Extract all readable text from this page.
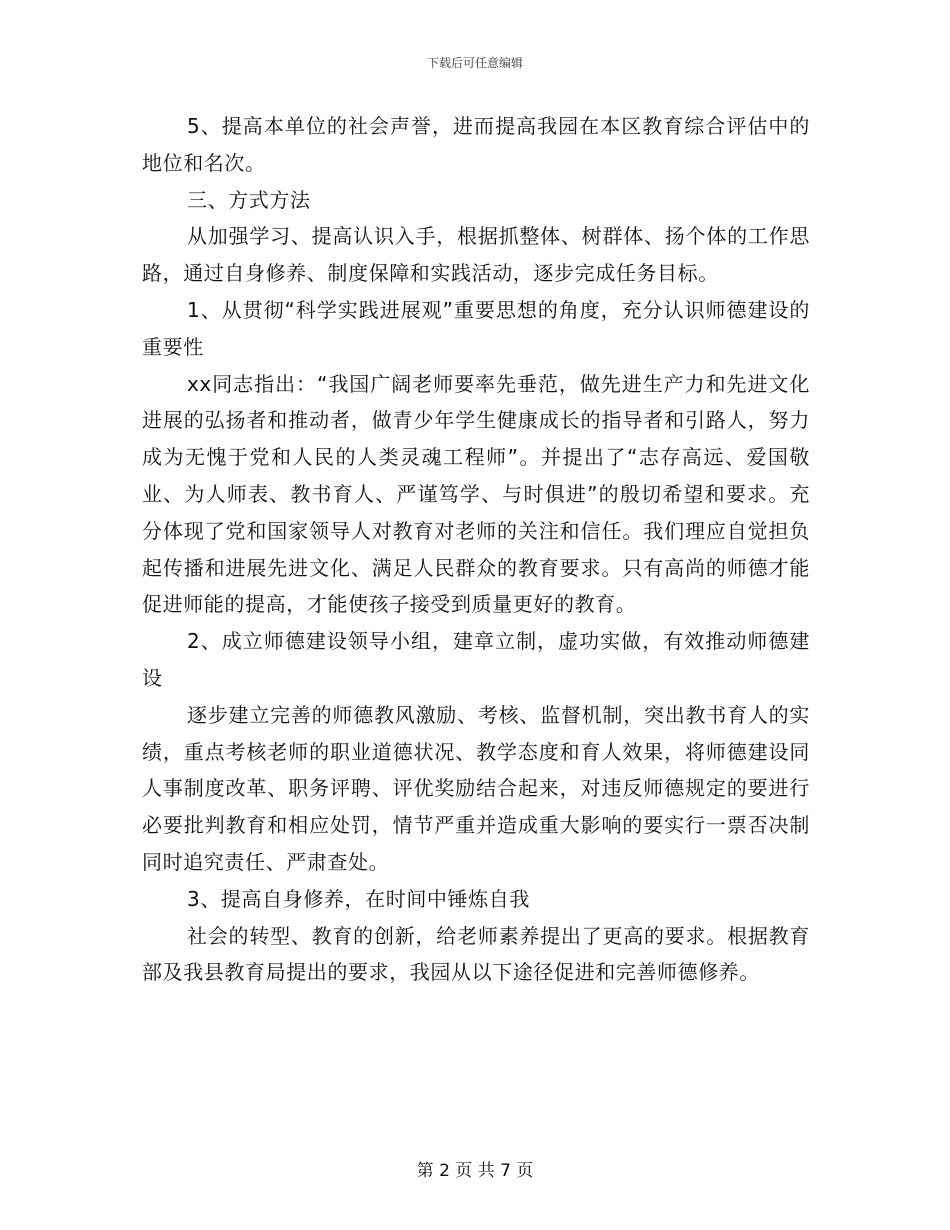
下载后可任意编辑

5、提高本单位的社会声誉，进而提高我园在本区教育综合评估中的地位和名次。

三、方式方法

从加强学习、提高认识入手，根据抓整体、树群体、扬个体的工作思路，通过自身修养、制度保障和实践活动，逐步完成任务目标。

1、从贯彻“科学实践进展观”重要思想的角度，充分认识师德建设的重要性

xx同志指出：“我国广阔老师要率先垂范，做先进生产力和先进文化进展的弘扬者和推动者，做青少年学生健康成长的指导者和引路人，努力成为无愧于党和人民的人类灵魂工程师”。并提出了“志存高远、爱国敬业、为人师表、教书育人、严谨笃学、与时俱进”的殷切希望和要求。充分体现了党和国家领导人对教育对老师的关注和信任。我们理应自觉担负起传播和进展先进文化、满足人民群众的教育要求。只有高尚的师德才能促进师能的提高，才能使孩子接受到质量更好的教育。

2、成立师德建设领导小组，建章立制，虚功实做，有效推动师德建设

逐步建立完善的师德教风激励、考核、监督机制，突出教书育人的实绩，重点考核老师的职业道德状况、教学态度和育人效果，将师德建设同人事制度改革、职务评聘、评优奖励结合起来，对违反师德规定的要进行必要批判教育和相应处罚，情节严重并造成重大影响的要实行一票否决制同时追究责任、严肃查处。

3、提高自身修养，在时间中锤炼自我

社会的转型、教育的创新，给老师素养提出了更高的要求。根据教育部及我县教育局提出的要求，我园从以下途径促进和完善师德修养。

第 2 页 共 7 页
